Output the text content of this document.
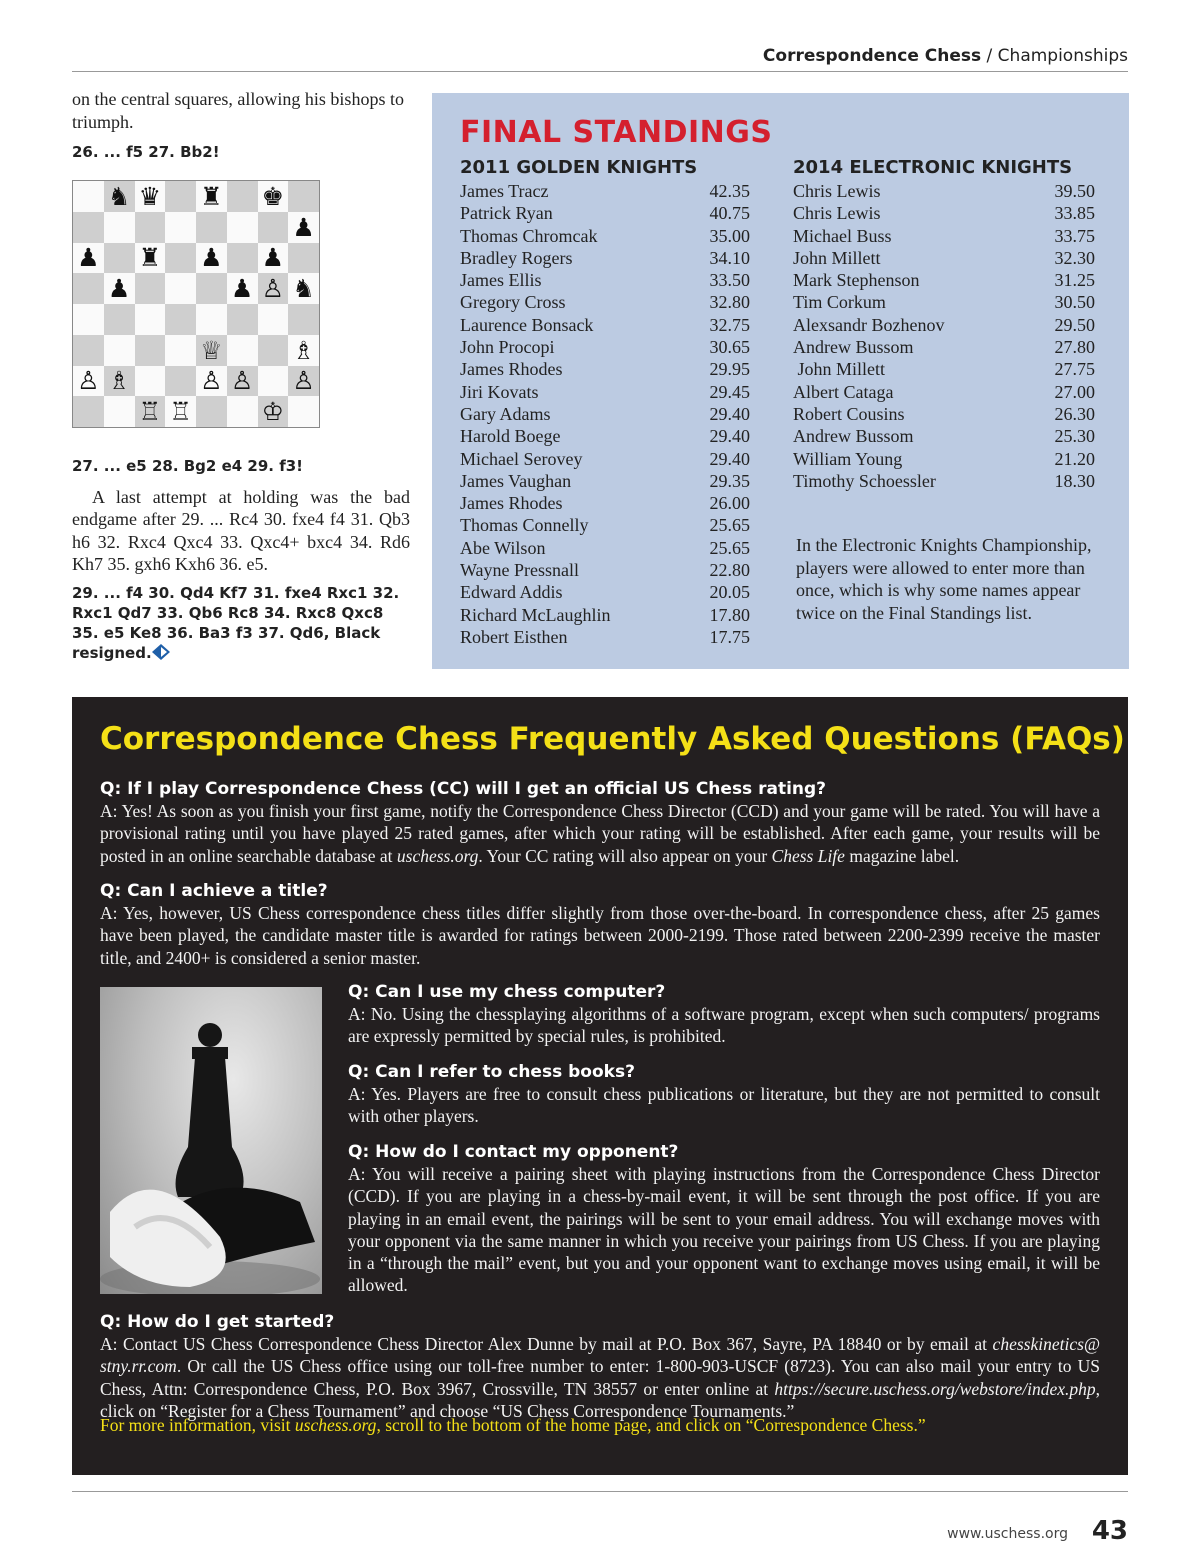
Correspondence Chess / Championships
on the central squares, allowing his bishops to triumph.
26. ... f5 27. Bb2!
♞ ♛ ♜ ♚
♟
♟ ♜ ♟ ♟
♟	♟ ♙ ♞
♕	♗
♙ ♗	♙ ♙ ♙
♖ ♖	♔
27. ... e5 28. Bg2 e4 29. f3!
A last attempt at holding was the bad endgame after 29. ... Rc4 30. fxe4 f4 31. Qb3 h6 32. Rxc4 Qxc4 33. Qxc4+ bxc4 34. Rd6 Kh7 35. gxh6 Kxh6 36. e5.
29. ... f4 30. Qd4 Kf7 31. fxe4 Rxc1 32. Rxc1 Qd7 33. Qb6 Rc8 34. Rxc8 Qxc8 35. e5 Ke8 36. Ba3 f3 37. Qd6, Black resigned.
FINAL STANDINGS
2011 GOLDEN KNIGHTS
James Tracz	42.35
Patrick Ryan	40.75
Thomas Chromcak	35.00
Bradley Rogers	34.10
James Ellis	33.50
Gregory Cross	32.80
Laurence Bonsack	32.75
John Procopi	30.65
James Rhodes	29.95
Jiri Kovats	29.45
Gary Adams	29.40
Harold Boege	29.40
Michael Serovey	29.40
James Vaughan	29.35
James Rhodes	26.00
Thomas Connelly	25.65
Abe Wilson	25.65
Wayne Pressnall	22.80
Edward Addis	20.05
Richard McLaughlin	17.80
Robert Eisthen	17.75
2014 ELECTRONIC KNIGHTS
Chris Lewis	39.50
Chris Lewis	33.85
Michael Buss	33.75
John Millett	32.30
Mark Stephenson	31.25
Tim Corkum	30.50
Alexsandr Bozhenov	29.50
Andrew Bussom	27.80
John Millett	27.75
Albert Cataga	27.00
Robert Cousins	26.30
Andrew Bussom	25.30
William Young	21.20
Timothy Schoessler	18.30
In the Electronic Knights Championship, players were allowed to enter more than once, which is why some names appear twice on the Final Standings list.
Correspondence Chess Frequently Asked Questions (FAQs)
Q: If I play Correspondence Chess (CC) will I get an official US Chess rating?
A: Yes! As soon as you finish your first game, notify the Correspondence Chess Director (CCD) and your game will be rated. You will have a provisional rating until you have played 25 rated games, after which your rating will be established. After each game, your results will be posted in an online searchable database at uschess.org. Your CC rating will also appear on your Chess Life magazine label.
Q: Can I achieve a title?
A: Yes, however, US Chess correspondence chess titles differ slightly from those over-the-board. In correspondence chess, after 25 games have been played, the candidate master title is awarded for ratings between 2000-2199. Those rated between 2200-2399 receive the master title, and 2400+ is considered a senior master.
Q: Can I use my chess computer?
A: No. Using the chessplaying algorithms of a software program, except when such computers/ programs are expressly permitted by special rules, is prohibited.
Q: Can I refer to chess books?
A: Yes. Players are free to consult chess publications or literature, but they are not permitted to consult with other players.
Q: How do I contact my opponent?
A: You will receive a pairing sheet with playing instructions from the Correspondence Chess Director (CCD). If you are playing in a chess-by-mail event, it will be sent through the post office. If you are playing in an email event, the pairings will be sent to your email address. You will exchange moves with your opponent via the same manner in which you receive your pairings from US Chess. If you are playing in a “through the mail” event, but you and your opponent want to exchange moves using email, it will be allowed.
Q: How do I get started?
A: Contact US Chess Correspondence Chess Director Alex Dunne by mail at P.O. Box 367, Sayre, PA 18840 or by email at chesskinetics@ stny.rr.com. Or call the US Chess office using our toll-free number to enter: 1-800-903-USCF (8723). You can also mail your entry to US Chess, Attn: Correspondence Chess, P.O. Box 3967, Crossville, TN 38557 or enter online at https://secure.uschess.org/webstore/index.php, click on “Register for a Chess Tournament” and choose “US Chess Correspondence Tournaments.”
For more information, visit uschess.org, scroll to the bottom of the home page, and click on “Correspondence Chess.”
www.uschess.org 43
